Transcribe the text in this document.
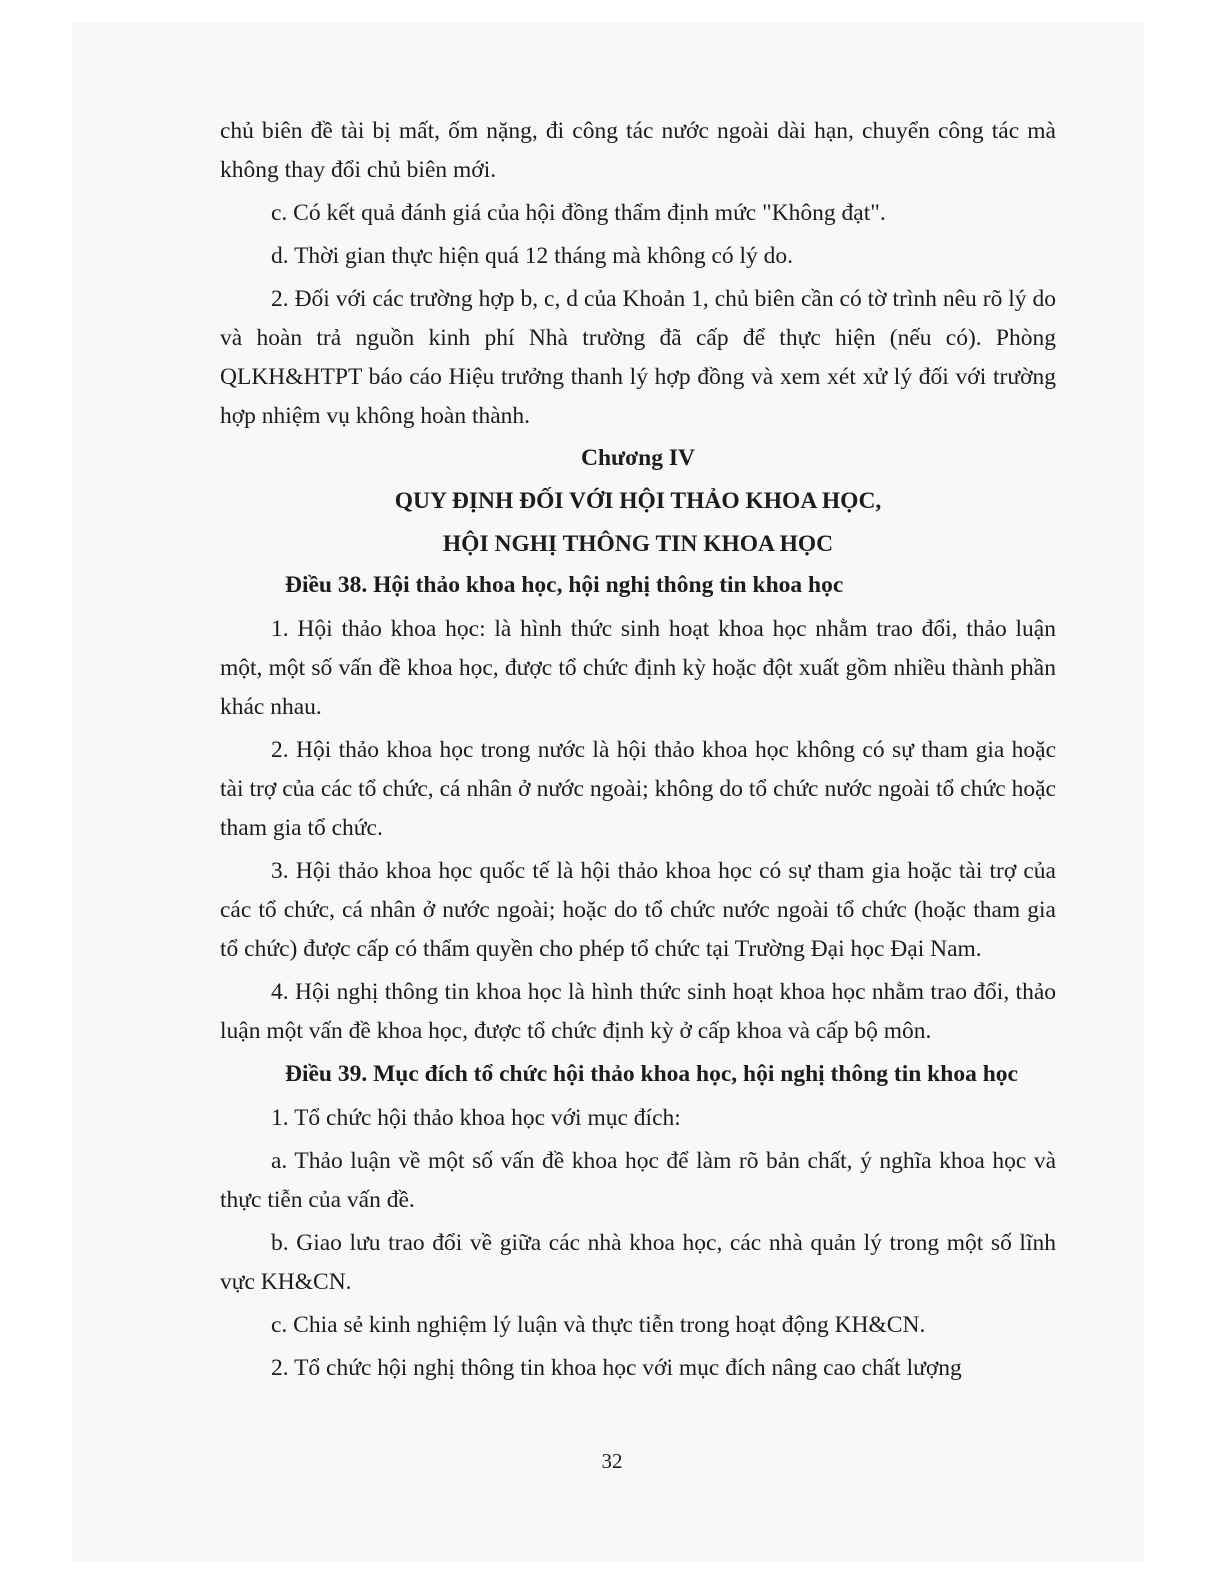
chủ biên đề tài bị mất, ốm nặng, đi công tác nước ngoài dài hạn, chuyển công tác mà không thay đổi chủ biên mới.

c. Có kết quả đánh giá của hội đồng thẩm định mức "Không đạt".

d. Thời gian thực hiện quá 12 tháng mà không có lý do.

2. Đối với các trường hợp b, c, d của Khoản 1, chủ biên cần có tờ trình nêu rõ lý do và hoàn trả nguồn kinh phí Nhà trường đã cấp để thực hiện (nếu có). Phòng QLKH&HTPT báo cáo Hiệu trưởng thanh lý hợp đồng và xem xét xử lý đối với trường hợp nhiệm vụ không hoàn thành.

Chương IV

QUY ĐỊNH ĐỐI VỚI HỘI THẢO KHOA HỌC,

HỘI NGHỊ THÔNG TIN KHOA HỌC

Điều 38. Hội thảo khoa học, hội nghị thông tin khoa học

1. Hội thảo khoa học: là hình thức sinh hoạt khoa học nhằm trao đổi, thảo luận một, một số vấn đề khoa học, được tổ chức định kỳ hoặc đột xuất gồm nhiều thành phần khác nhau.

2. Hội thảo khoa học trong nước là hội thảo khoa học không có sự tham gia hoặc tài trợ của các tổ chức, cá nhân ở nước ngoài; không do tổ chức nước ngoài tổ chức hoặc tham gia tổ chức.

3. Hội thảo khoa học quốc tế là hội thảo khoa học có sự tham gia hoặc tài trợ của các tổ chức, cá nhân ở nước ngoài; hoặc do tổ chức nước ngoài tổ chức (hoặc tham gia tổ chức) được cấp có thẩm quyền cho phép tổ chức tại Trường Đại học Đại Nam.

4. Hội nghị thông tin khoa học là hình thức sinh hoạt khoa học nhằm trao đổi, thảo luận một vấn đề khoa học, được tổ chức định kỳ ở cấp khoa và cấp bộ môn.

Điều 39. Mục đích tổ chức hội thảo khoa học, hội nghị thông tin khoa học

1. Tổ chức hội thảo khoa học với mục đích:

a. Thảo luận về một số vấn đề khoa học để làm rõ bản chất, ý nghĩa khoa học và thực tiễn của vấn đề.

b. Giao lưu trao đổi về giữa các nhà khoa học, các nhà quản lý trong một số lĩnh vực KH&CN.

c. Chia sẻ kinh nghiệm lý luận và thực tiễn trong hoạt động KH&CN.

2. Tổ chức hội nghị thông tin khoa học với mục đích nâng cao chất lượng

32
